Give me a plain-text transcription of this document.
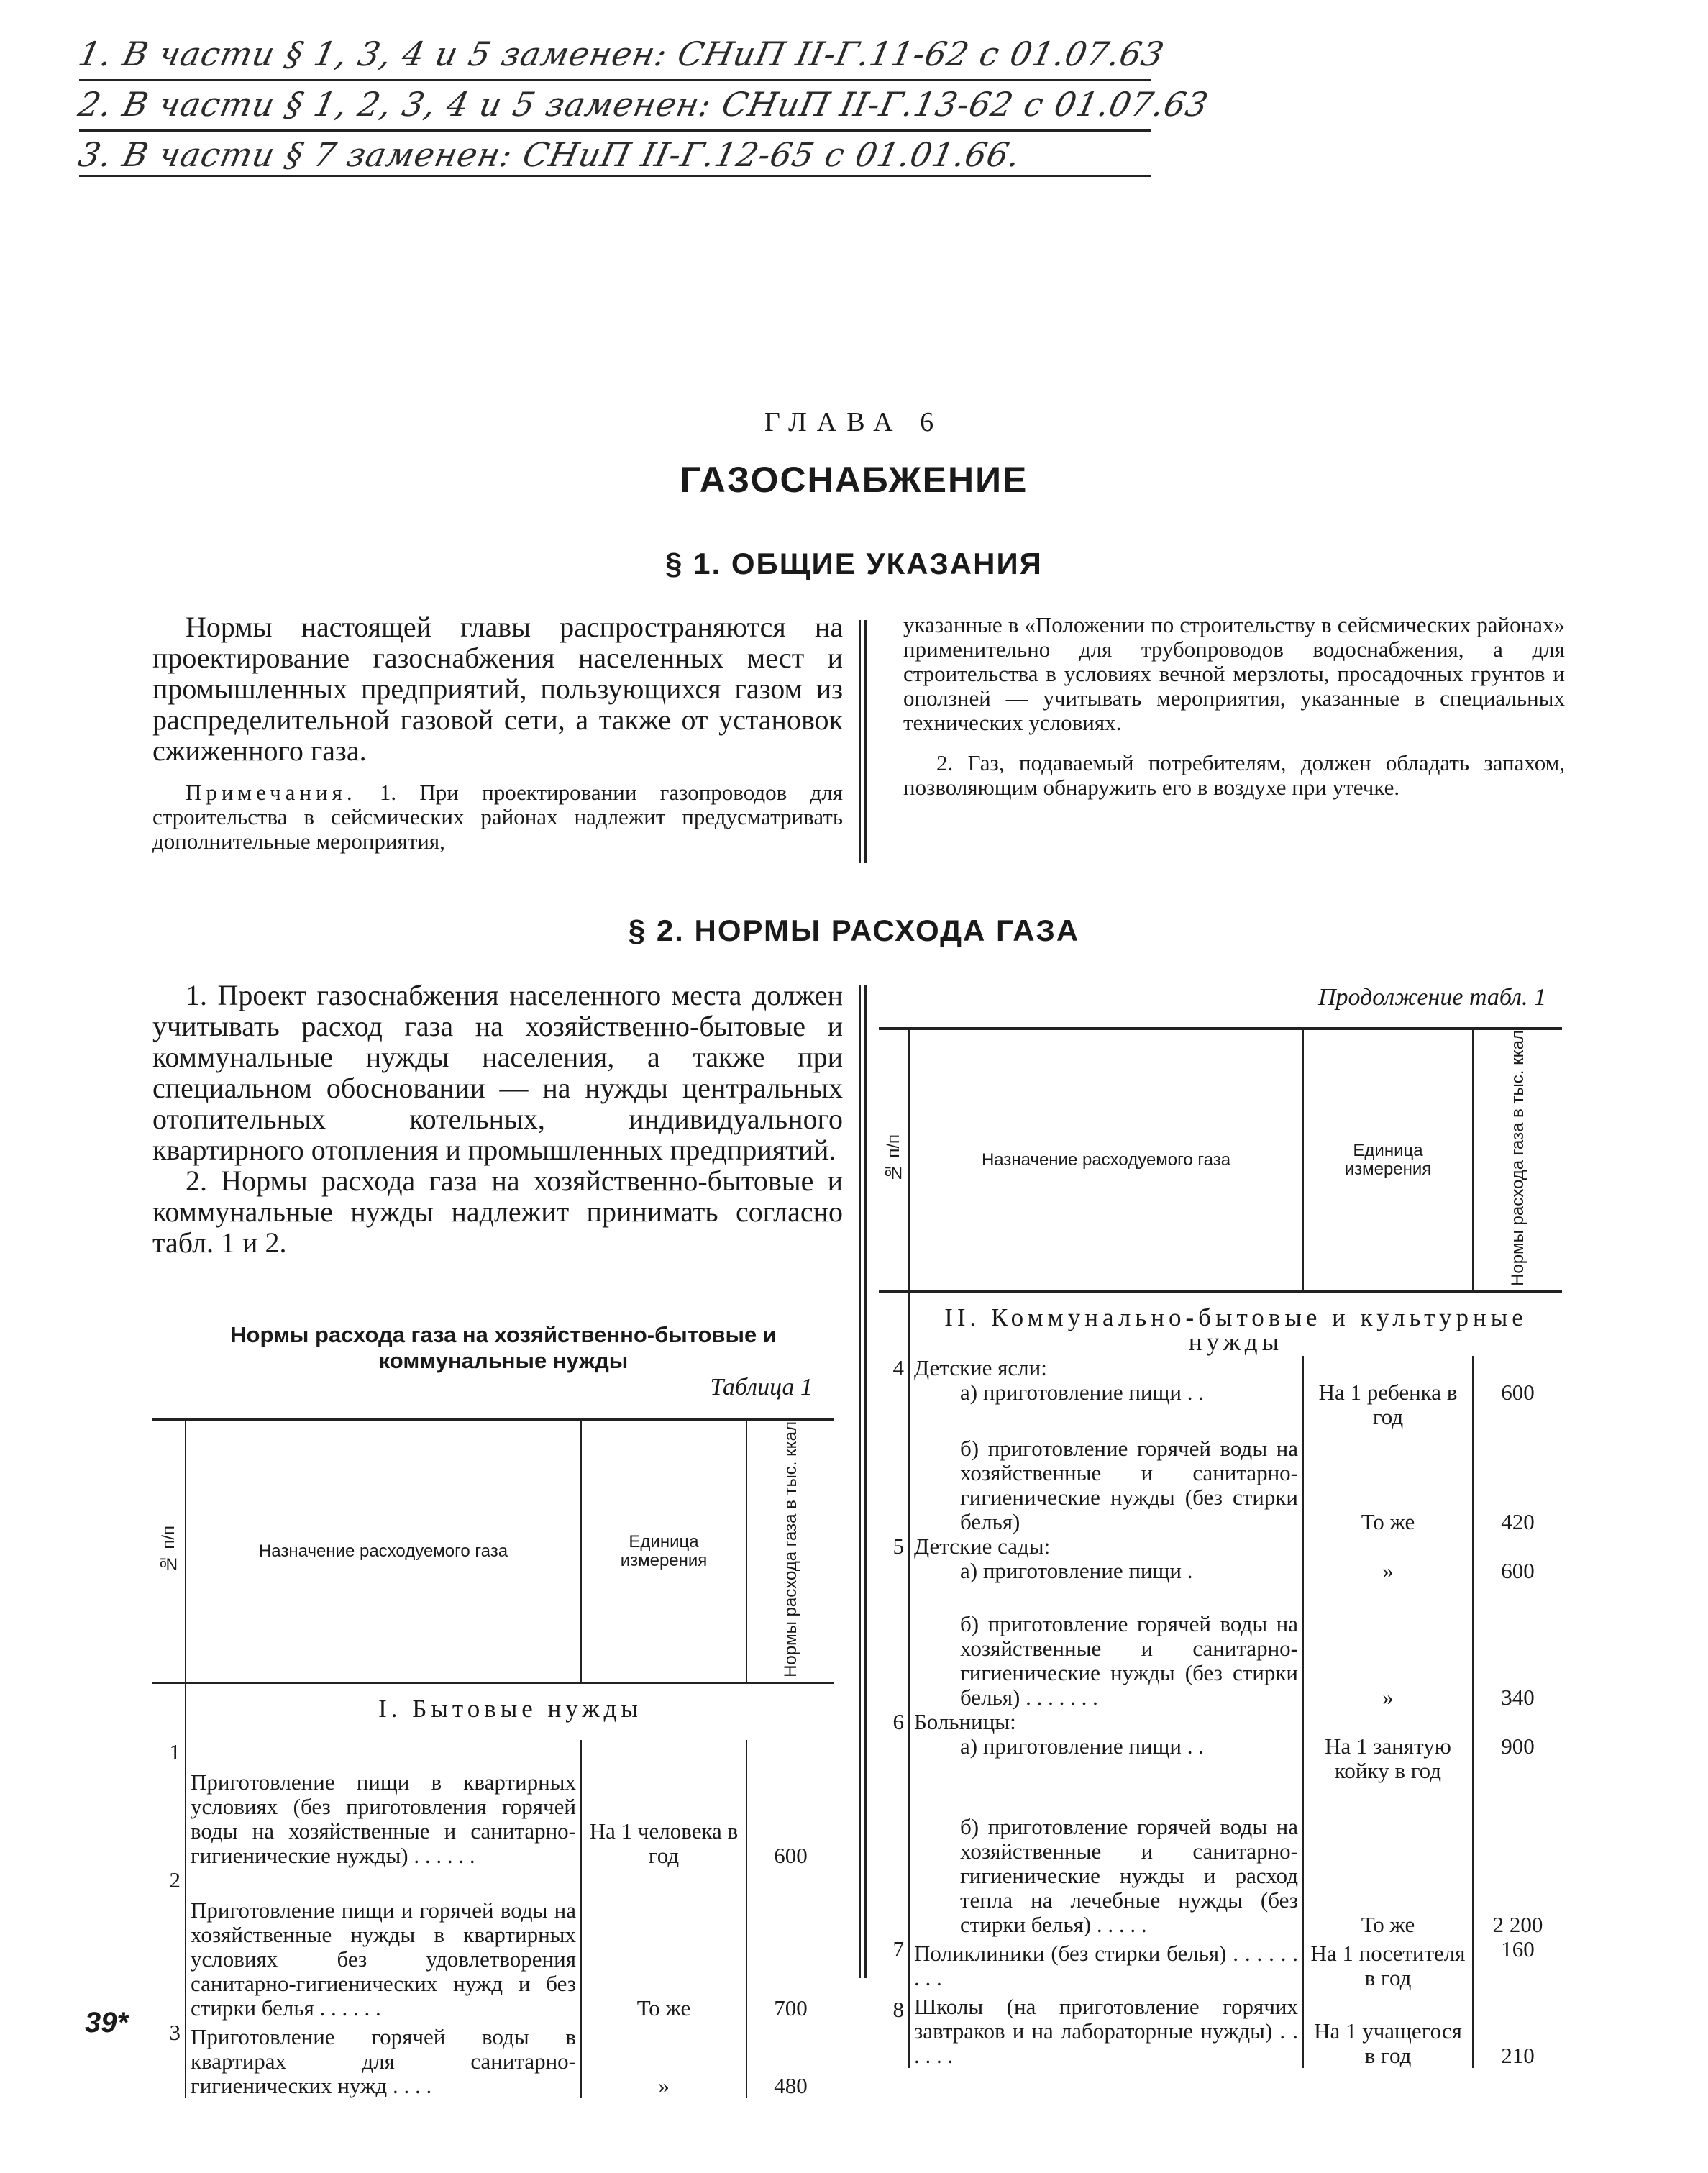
1. В части § 1, 3, 4 и 5 заменен: СНиП II-Г.11-62 с 01.07.63
2. В части § 1, 2, 3, 4 и 5 заменен: СНиП II-Г.13-62 с 01.07.63
3. В части § 7 заменен: СНиП II-Г.12-65 с 01.01.66.
ГЛАВА 6
ГАЗОСНАБЖЕНИЕ
§ 1. ОБЩИЕ УКАЗАНИЯ

Нормы настоящей главы распространяются на проектирование газоснабжения населенных мест и промышленных предприятий, пользующихся газом из распределительной газовой сети, а также от установок сжиженного газа.

Примечания. 1. При проектировании газопроводов для строительства в сейсмических районах надлежит предусматривать дополнительные мероприятия,

указанные в «Положении по строительству в сейсмических районах» применительно для трубопроводов водоснабжения, а для строительства в условиях вечной мерзлоты, просадочных грунтов и оползней — учитывать мероприятия, указанные в специальных технических условиях.

2. Газ, подаваемый потребителям, должен обладать запахом, позволяющим обнаружить его в воздухе при утечке.

§ 2. НОРМЫ РАСХОДА ГАЗА

1. Проект газоснабжения населенного места должен учитывать расход газа на хозяйственно-бытовые и коммунальные нужды населения, а также при специальном обосновании — на нужды центральных отопительных котельных, индивидуального квартирного отопления и промышленных предприятий.

2. Нормы расхода газа на хозяйственно-бытовые и коммунальные нужды надлежит принимать согласно табл. 1 и 2.

Нормы расхода газа на хозяйственно-бытовые и коммунальные нужды
Таблица 1
№ п/п	Назначение расходуемого газа	Единица измерения	Нормы расхода газа в тыс. ккал
	I. Бытовые нужды		
1	Приготовление пищи в квартирных условиях (без приготовления горячей воды на хозяйственные и санитарно-гигиенические нужды) . . . . . .	На 1 человека в год	600
2	Приготовление пищи и горячей воды на хозяйственные нужды в квартирных условиях без удовлетворения санитарно-гигиенических нужд и без стирки белья . . . . . .	То же	700
3	Приготовление горячей воды в квартирах для санитарно-гигиенических нужд . . . .	»	480
Продолжение табл. 1
№ п/п	Назначение расходуемого газа	Единица измерения	Нормы расхода газа в тыс. ккал
	II. Коммунально-бытовые и культурные нужды		
4	Детские ясли:		
	а) приготовление пищи . .	На 1 ребенка в год	600
	б) приготовление горячей воды на хозяйственные и санитарно-гигиенические нужды (без стирки белья)	То же	420
5	Детские сады:		
	а) приготовление пищи .	»	600
	б) приготовление горячей воды на хозяйственные и санитарно-гигиенические нужды (без стирки белья) . . . . . . .	»	340
6	Больницы:		
	а) приготовление пищи . .	На 1 занятую койку в год	900
	б) приготовление горячей воды на хозяйственные и санитарно-гигиенические нужды и расход тепла на лечебные нужды (без стирки белья) . . . . .	То же	2 200
7	Поликлиники (без стирки белья) . . . . . . . . .	На 1 посетителя в год	160
8	Школы (на приготовление горячих завтраков и на лабораторные нужды) . . . . . .	На 1 учащегося в год	210
39*
